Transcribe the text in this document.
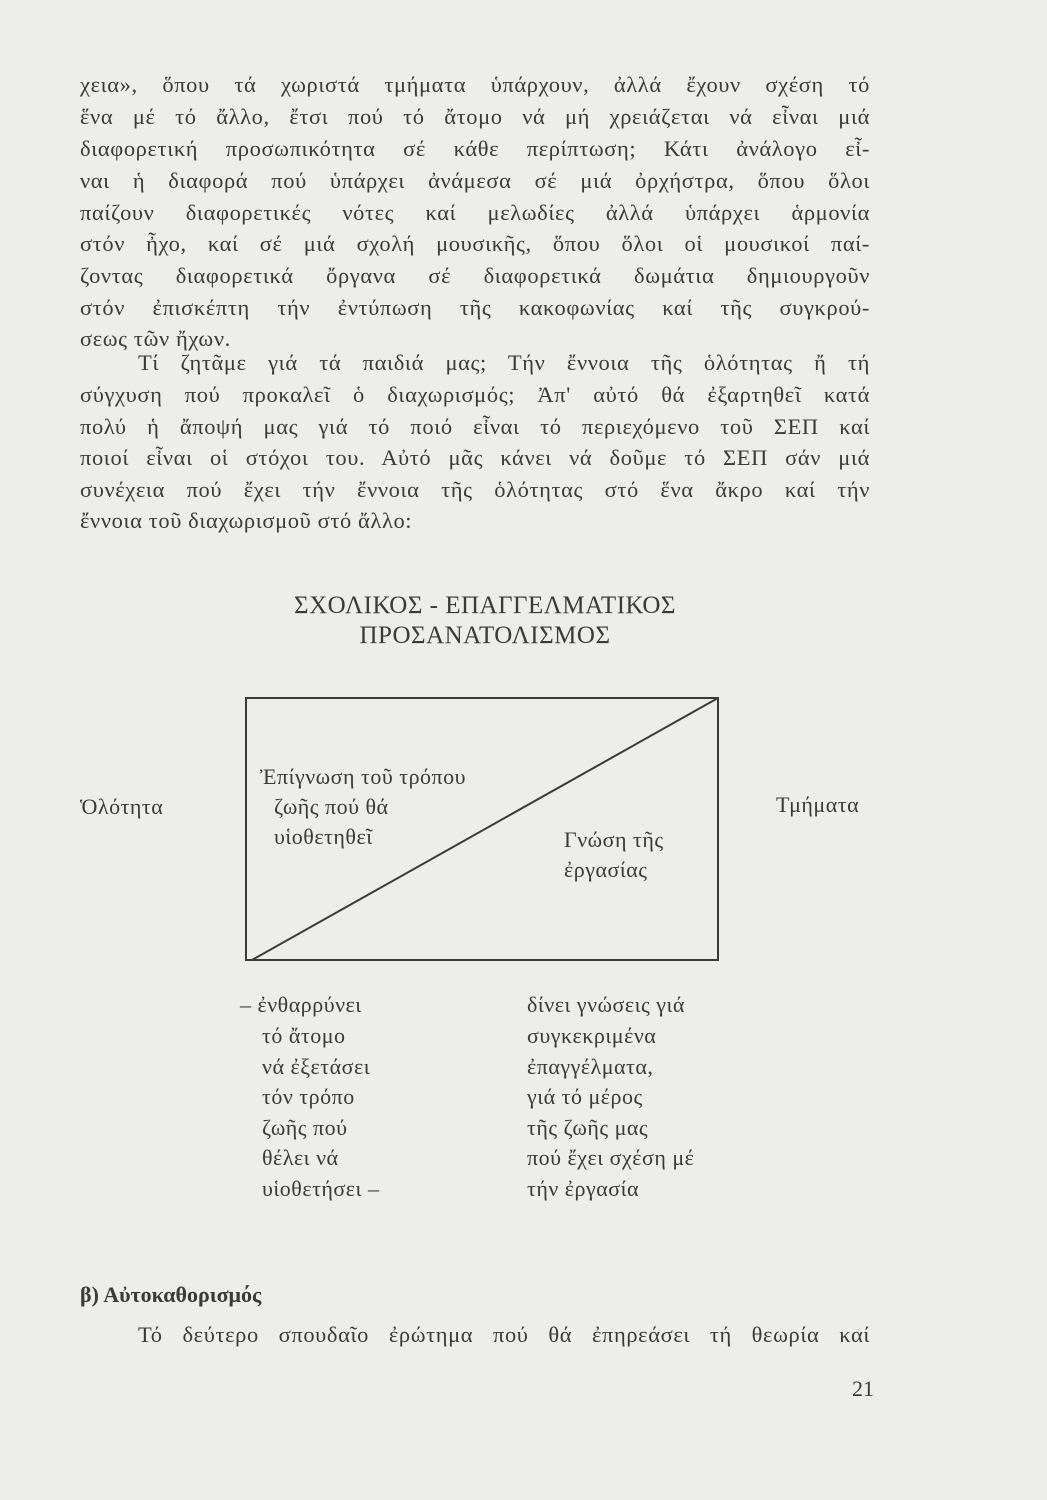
χεια», ὅπου τά χωριστά τμήματα ὑπάρχουν, ἀλλά ἔχουν σχέση τό
ἕνα μέ τό ἄλλο, ἔτσι πού τό ἄτομο νά μή χρειάζεται νά εἶναι μιά
διαφορετική προσωπικότητα σέ κάθε περίπτωση; Κάτι ἀνάλογο εἶ-
ναι ἡ διαφορά πού ὑπάρχει ἀνάμεσα σέ μιά ὀρχήστρα, ὅπου ὅλοι
παίζουν διαφορετικές νότες καί μελωδίες ἀλλά ὑπάρχει ἁρμονία
στόν ἦχο, καί σέ μιά σχολή μουσικῆς, ὅπου ὅλοι οἱ μουσικοί παί-
ζοντας διαφορετικά ὄργανα σέ διαφορετικά δωμάτια δημιουργοῦν
στόν ἐπισκέπτη τήν ἐντύπωση τῆς κακοφωνίας καί τῆς συγκρού-
σεως τῶν ἤχων.
Τί ζητᾶμε γιά τά παιδιά μας; Τήν ἔννοια τῆς ὁλότητας ἤ τή
σύγχυση πού προκαλεῖ ὁ διαχωρισμός; Ἀπ' αὐτό θά ἐξαρτηθεῖ κατά
πολύ ἡ ἄποψή μας γιά τό ποιό εἶναι τό περιεχόμενο τοῦ ΣΕΠ καί
ποιοί εἶναι οἱ στόχοι του. Αὐτό μᾶς κάνει νά δοῦμε τό ΣΕΠ σάν μιά
συνέχεια πού ἔχει τήν ἔννοια τῆς ὁλότητας στό ἕνα ἄκρο καί τήν
ἔννοια τοῦ διαχωρισμοῦ στό ἄλλο:
ΣΧΟΛΙΚΟΣ - ΕΠΑΓΓΕΛΜΑΤΙΚΟΣ
ΠΡΟΣΑΝΑΤΟΛΙΣΜΟΣ
Ὁλότητα	Τμήματα
Ἐπίγνωση τοῦ τρόπου
ζωῆς πού θά
υἱοθετηθεῖ	Γνώση τῆς
ἐργασίας
– ἐνθαρρύνει
τό ἄτομο
νά ἐξετάσει
τόν τρόπο
ζωῆς πού
θέλει νά
υἱοθετήσει –
δίνει γνώσεις γιά
συγκεκριμένα
ἐπαγγέλματα,
γιά τό μέρος
τῆς ζωῆς μας
πού ἔχει σχέση μέ
τήν ἐργασία
β) Αὐτοκαθορισμός
Τό δεύτερο σπουδαῖο ἐρώτημα πού θά ἐπηρεάσει τή θεωρία καί
21
